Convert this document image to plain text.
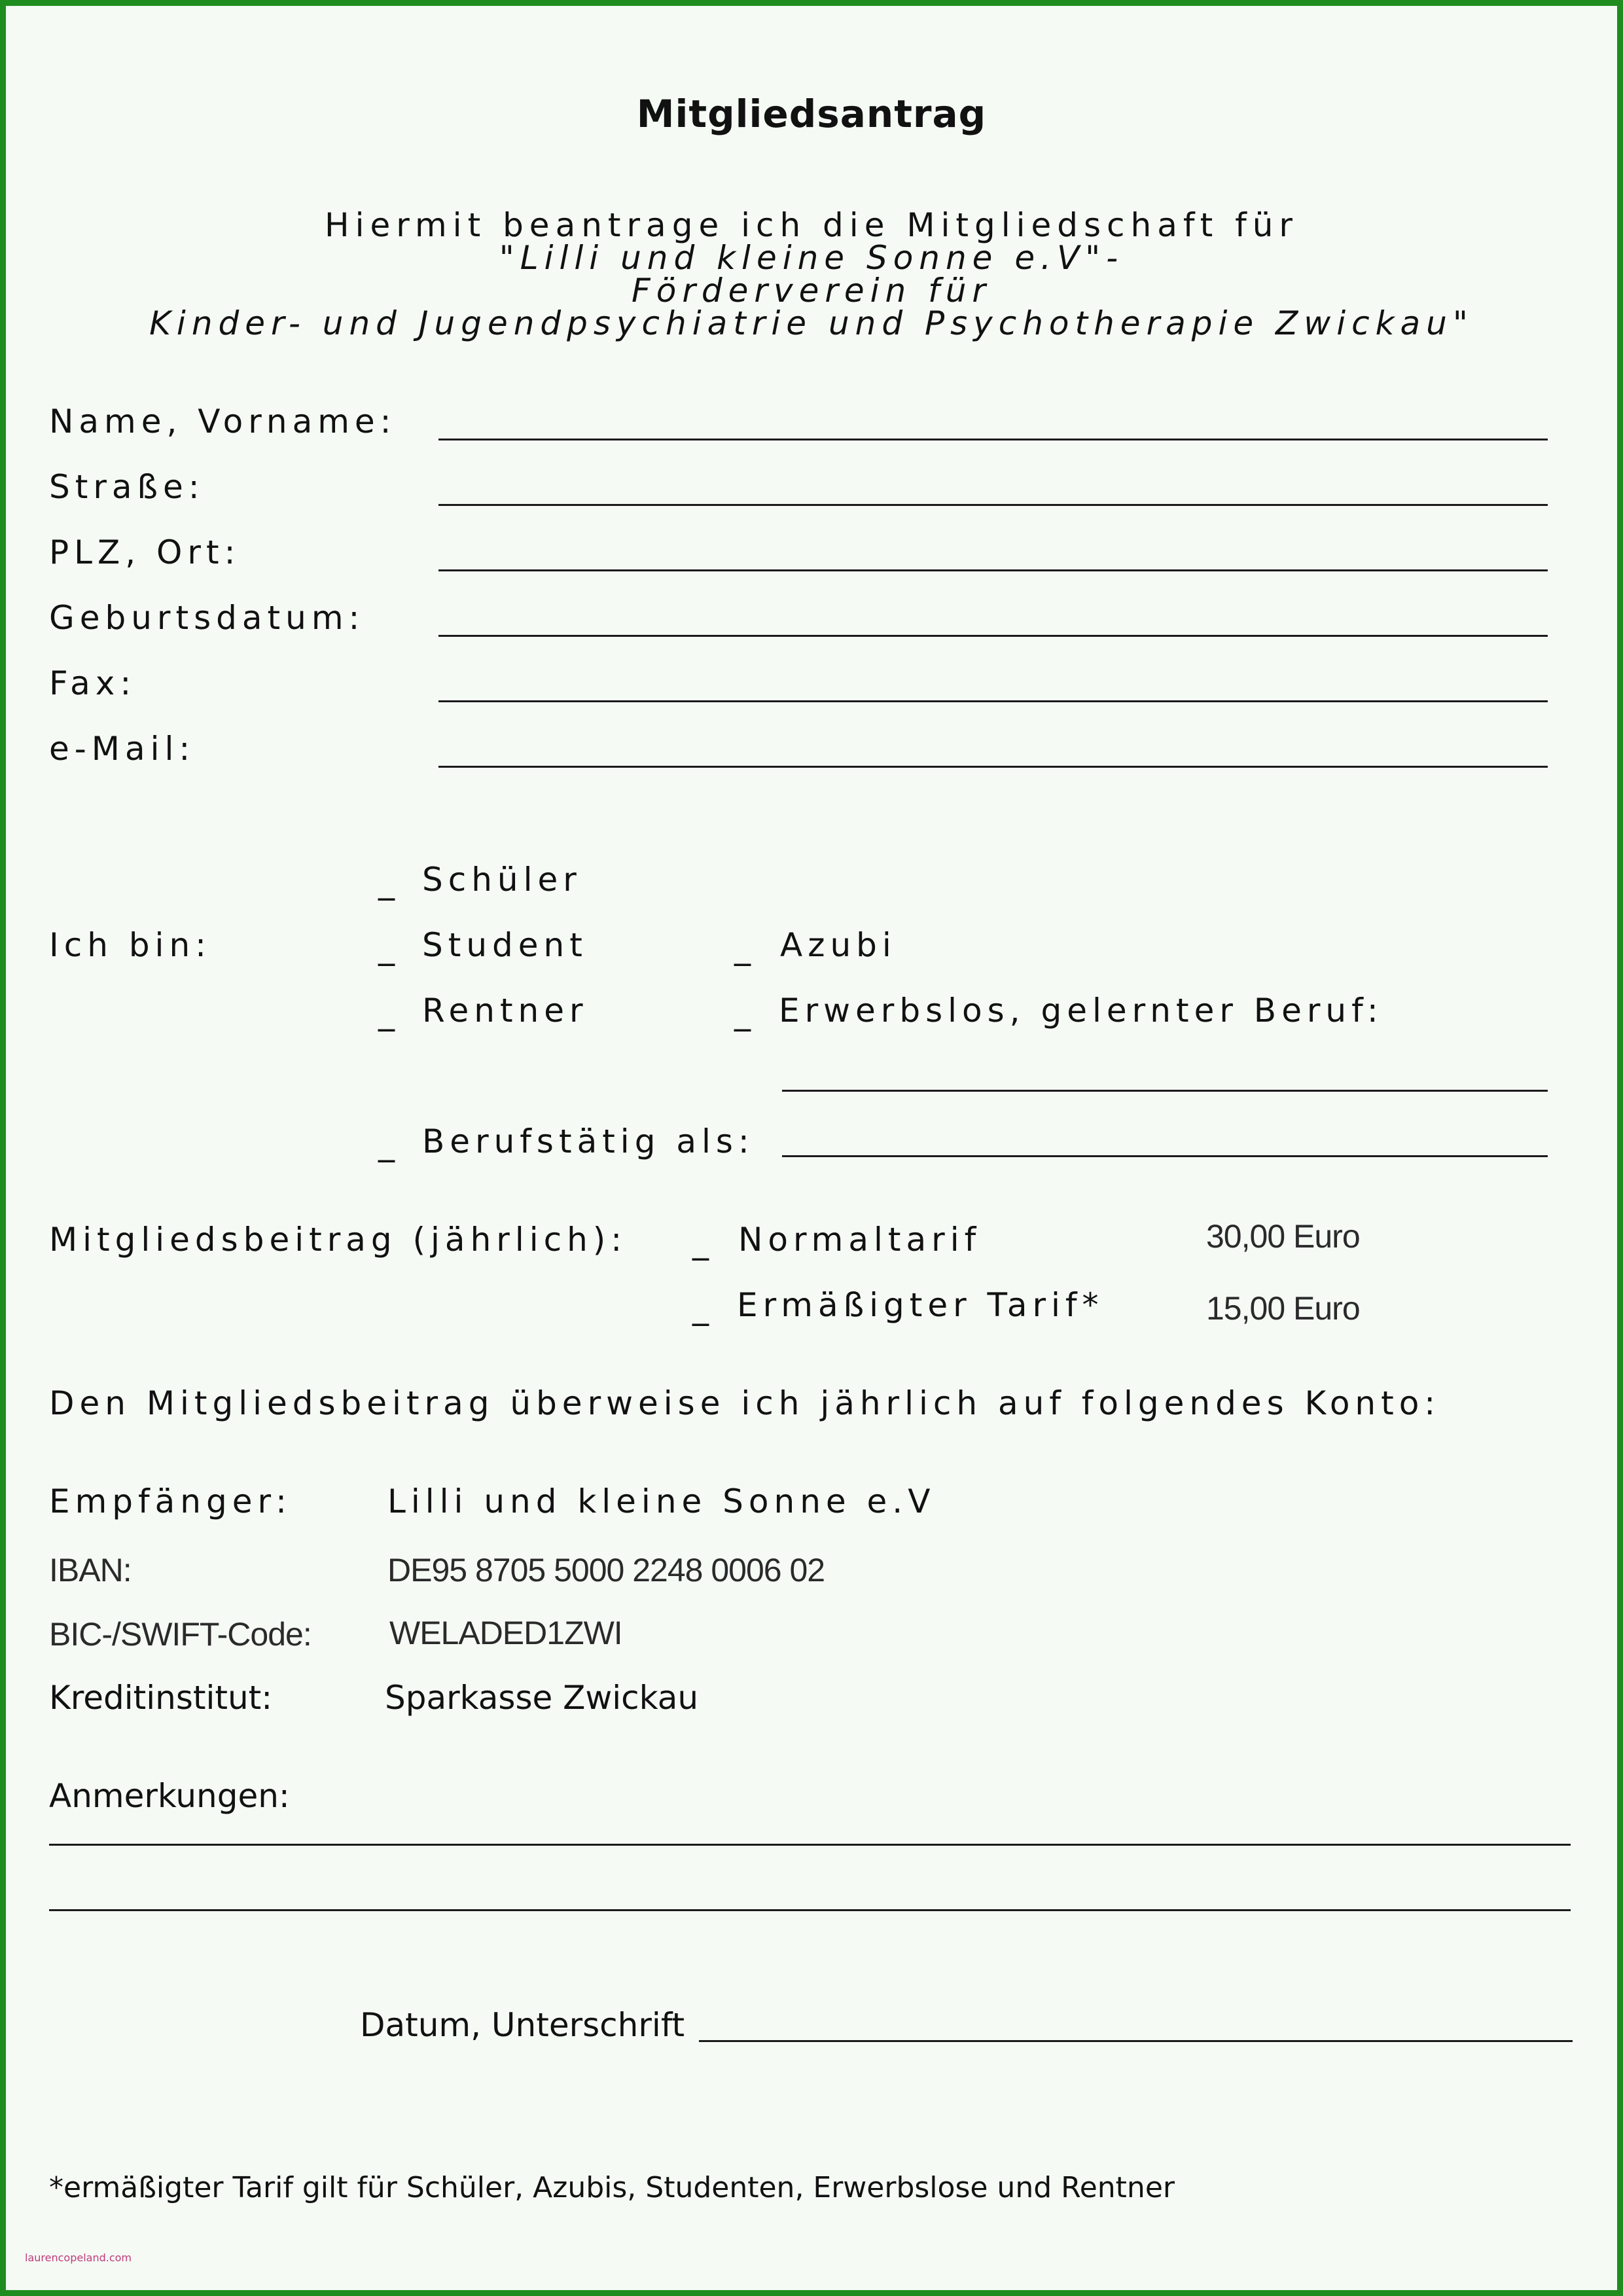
Mitgliedsantrag
Hiermit beantrage ich die Mitgliedschaft für
"Lilli und kleine Sonne e.V"-
Förderverein für
Kinder- und Jugendpsychiatrie und Psychotherapie Zwickau"
Name, Vorname:
Straße:
PLZ, Ort:
Geburtsdatum:
Fax:
e-Mail:
_ Schüler
Ich bin:	_ Student	_ Azubi
_ Rentner	_ Erwerbslos, gelernter Beruf:
_ Berufstätig als:
Mitgliedsbeitrag (jährlich): _ Normaltarif	30,00 Euro
_ Ermäßigter Tarif*	15,00 Euro
Den Mitgliedsbeitrag überweise ich jährlich auf folgendes Konto:
Empfänger:	Lilli und kleine Sonne e.V
IBAN:	DE95 8705 5000 2248 0006 02
BIC-/SWIFT-Code: WELADED1ZWI
Kreditinstitut:	Sparkasse Zwickau
Anmerkungen:
Datum, Unterschrift
*ermäßigter Tarif gilt für Schüler, Azubis, Studenten, Erwerbslose und Rentner
laurencopeland.com
